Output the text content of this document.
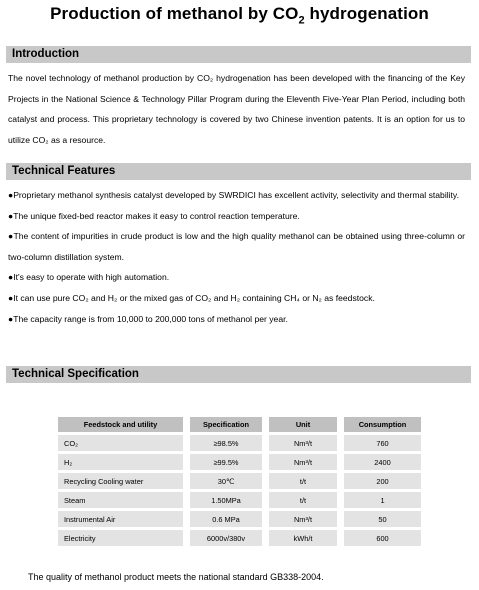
Production of methanol by $CO_2$ hydrogenation
Introduction

The novel technology of methanol production by CO₂ hydrogenation has been developed with the financing of the Key Projects in the National Science & Technology Pillar Program during the Eleventh Five-Year Plan Period, including both catalyst and process. This proprietary technology is covered by two Chinese invention patents. It is an option for us to utilize CO₂ as a resource.

Technical Features

●Proprietary methanol synthesis catalyst developed by SWRDICI has excellent activity, selectivity and thermal stability.

●The unique fixed-bed reactor makes it easy to control reaction temperature.

●The content of impurities in crude product is low and the high quality methanol can be obtained using three-column or two-column distillation system.

●It's easy to operate with high automation.

●It can use pure CO₂ and H₂ or the mixed gas of CO₂ and H₂ containing CH₄ or N₂ as feedstock.

●The capacity range is from 10,000 to 200,000 tons of methanol per year.

Technical Specification
Feedstock and utility	Specification	Unit	Consumption
CO₂	≥98.5%	Nm³/t	760
H₂	≥99.5%	Nm³/t	2400
Recycling Cooling water	30℃	t/t	200
Steam	1.50MPa	t/t	1
Instrumental Air	0.6 MPa	Nm³/t	50
Electricity	6000v/380v	kWh/t	600
The quality of methanol product meets the national standard GB338-2004.
